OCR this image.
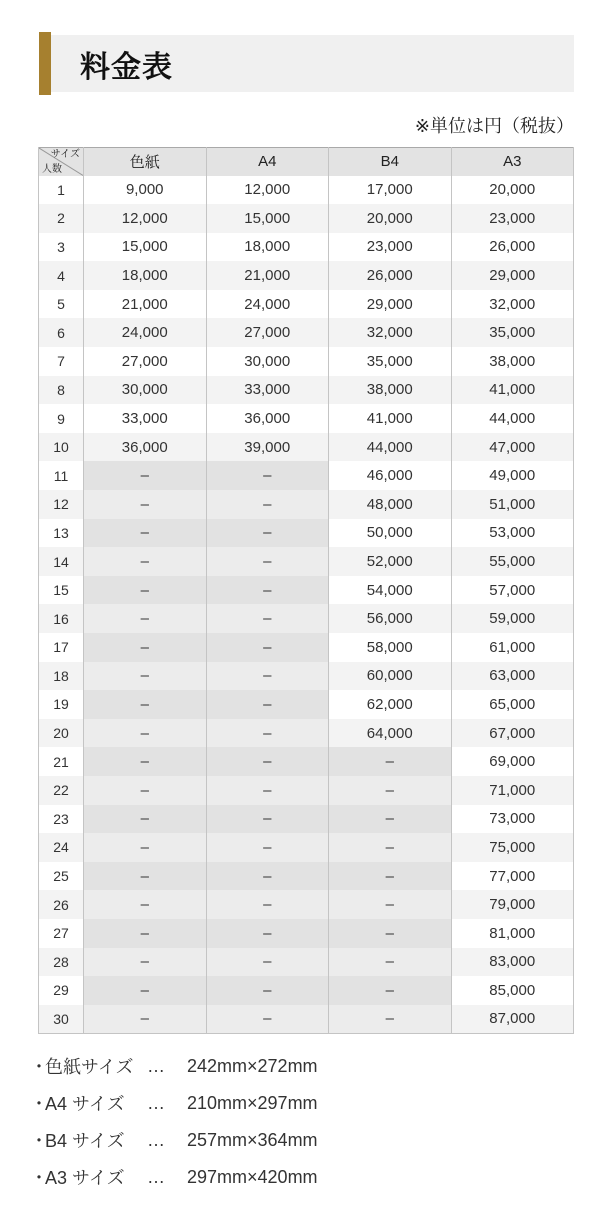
料金表
※単位は円（税抜）
サイズ
人数	色紙	A4	B4	A3
1	9,000	12,000	17,000	20,000
2	12,000	15,000	20,000	23,000
3	15,000	18,000	23,000	26,000
4	18,000	21,000	26,000	29,000
5	21,000	24,000	29,000	32,000
6	24,000	27,000	32,000	35,000
7	27,000	30,000	35,000	38,000
8	30,000	33,000	38,000	41,000
9	33,000	36,000	41,000	44,000
10	36,000	39,000	44,000	47,000
11	–	–	46,000	49,000
12	–	–	48,000	51,000
13	–	–	50,000	53,000
14	–	–	52,000	55,000
15	–	–	54,000	57,000
16	–	–	56,000	59,000
17	–	–	58,000	61,000
18	–	–	60,000	63,000
19	–	–	62,000	65,000
20	–	–	64,000	67,000
21	–	–	–	69,000
22	–	–	–	71,000
23	–	–	–	73,000
24	–	–	–	75,000
25	–	–	–	77,000
26	–	–	–	79,000
27	–	–	–	81,000
28	–	–	–	83,000
29	–	–	–	85,000
30	–	–	–	87,000
・
色紙サイズ …	242mm×272mm
・
A4 サイズ	…	210mm×297mm
・
B4 サイズ	…	257mm×364mm
・
A3 サイズ	…	297mm×420mm
